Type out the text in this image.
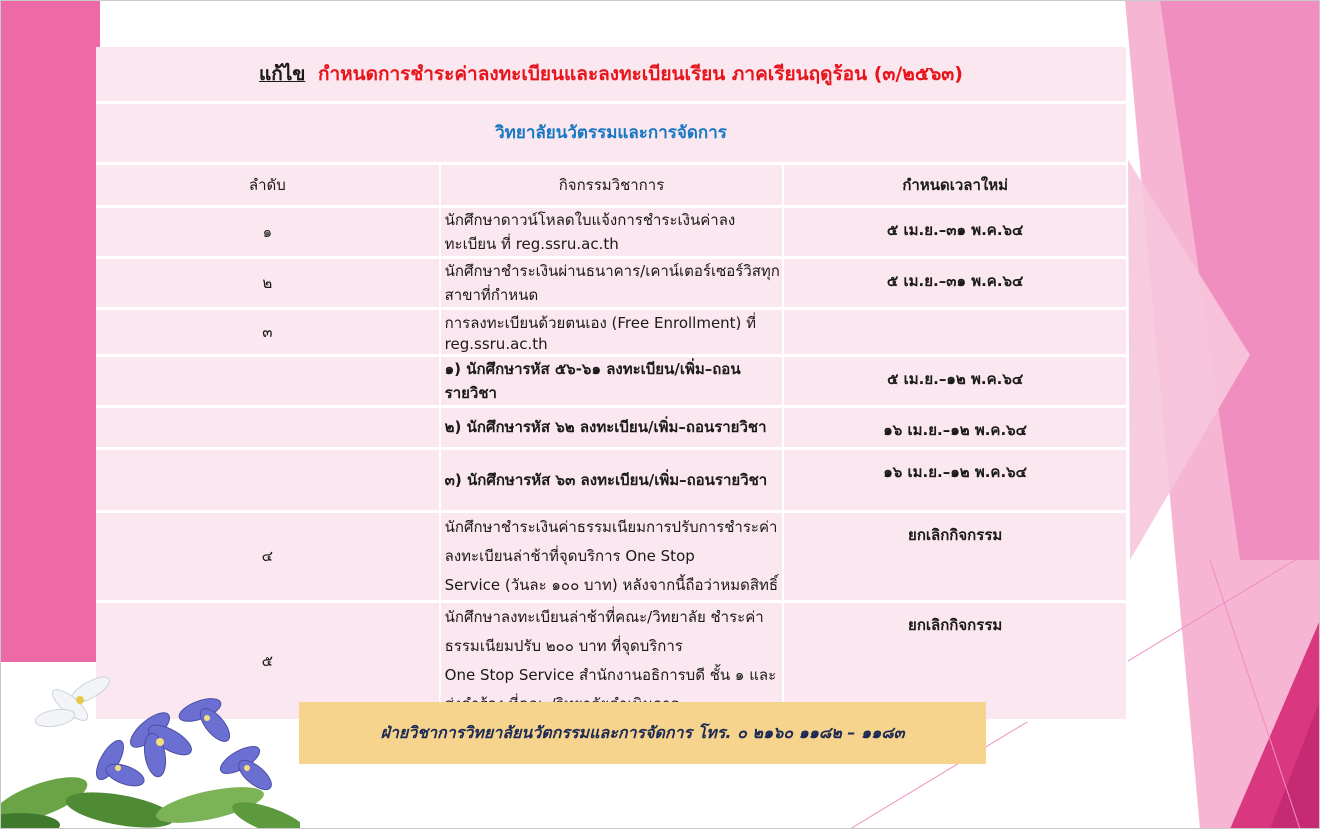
แก้ไข กำหนดการชำระค่าลงทะเบียนและลงทะเบียนเรียน ภาคเรียนฤดูร้อน (๓/๒๕๖๓)		
วิทยาลัยนวัตรรมและการจัดการ		
ลำดับ	กิจกรรมวิชาการ	กำหนดเวลาใหม่
๑	นักศึกษาดาวน์โหลดใบแจ้งการชำระเงินค่าลงทะเบียน ที่ reg.ssru.ac.th	๕ เม.ย.–๓๑ พ.ค.๖๔
๒	นักศึกษาชำระเงินผ่านธนาคาร/เคาน์เตอร์เซอร์วิสทุกสาขาที่กำหนด	๕ เม.ย.–๓๑ พ.ค.๖๔
๓	การลงทะเบียนด้วยตนเอง (Free Enrollment) ที่ reg.ssru.ac.th	
	๑) นักศึกษารหัส ๕๖-๖๑ ลงทะเบียน/เพิ่ม–ถอนรายวิชา	๕ เม.ย.–๑๒ พ.ค.๖๔
	๒) นักศึกษารหัส ๖๒ ลงทะเบียน/เพิ่ม–ถอนรายวิชา	๑๖ เม.ย.–๑๒ พ.ค.๖๔
	๓) นักศึกษารหัส ๖๓ ลงทะเบียน/เพิ่ม–ถอนรายวิชา	๑๖ เม.ย.–๑๒ พ.ค.๖๔
๔	นักศึกษาชำระเงินค่าธรรมเนียมการปรับการชำระค่าลงทะเบียนล่าช้าที่จุดบริการ One Stop
Service (วันละ ๑๐๐ บาท) หลังจากนี้ถือว่าหมดสิทธิ์	ยกเลิกกิจกรรม
๕	นักศึกษาลงทะเบียนล่าช้าที่คณะ/วิทยาลัย ชำระค่าธรรมเนียมปรับ ๒๐๐ บาท ที่จุดบริการ
One Stop Service สำนักงานอธิการบดี ชั้น ๑ และ	ยกเลิกกิจกรรม
ฝ่ายวิชาการวิทยาลัยนวัตกรรมและการจัดการ โทร. ๐ ๒๑๖๐ ๑๑๘๒ – ๑๑๘๓
